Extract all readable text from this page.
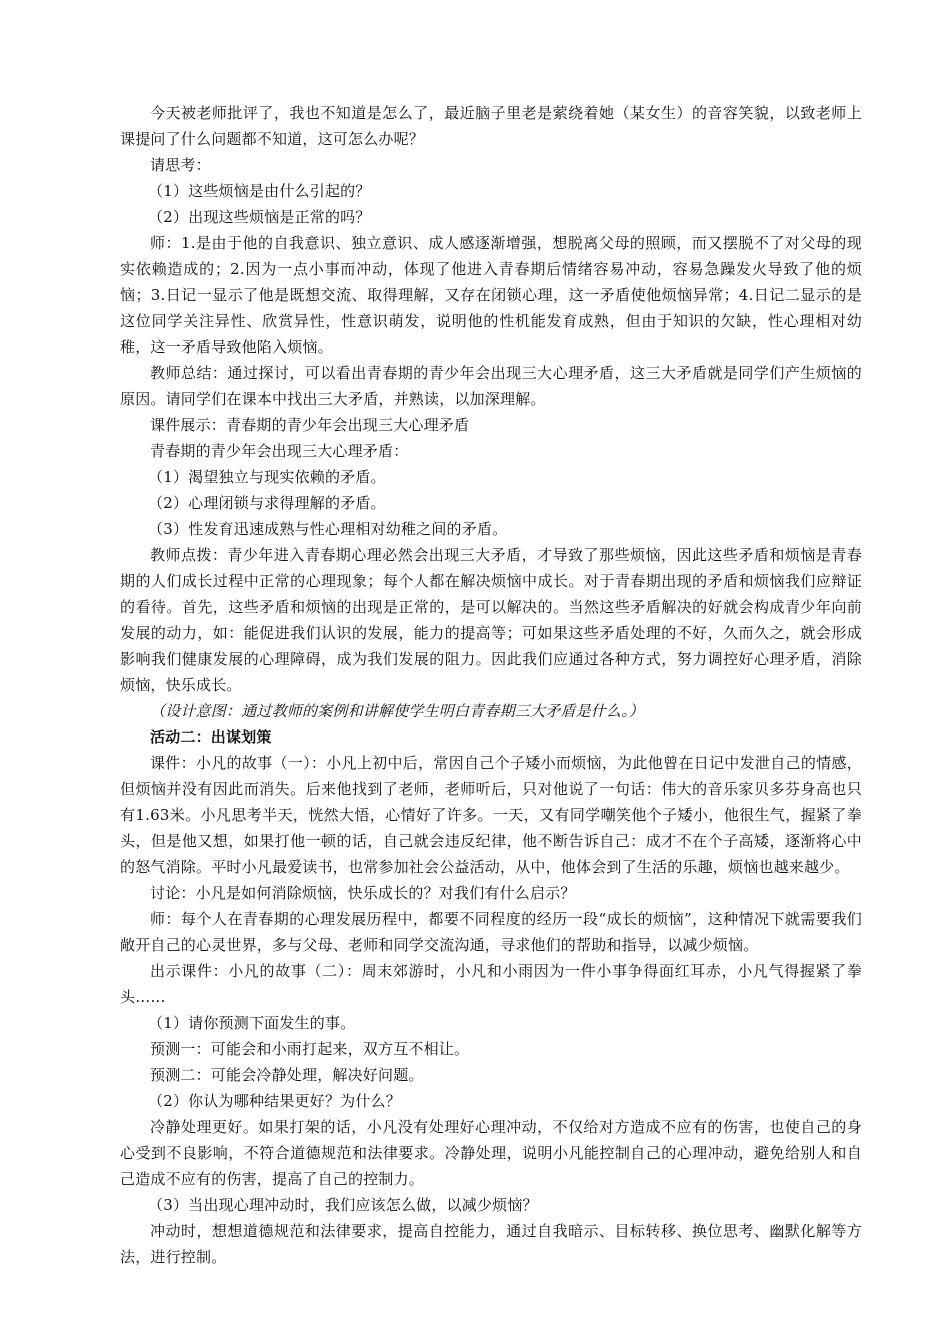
今天被老师批评了，我也不知道是怎么了，最近脑子里老是萦绕着她（某女生）的音容笑貌，以致老师上课提问了什么问题都不知道，这可怎么办呢？

请思考：

（1）这些烦恼是由什么引起的？

（2）出现这些烦恼是正常的吗？

师：1.是由于他的自我意识、独立意识、成人感逐渐增强，想脱离父母的照顾，而又摆脱不了对父母的现实依赖造成的；2.因为一点小事而冲动，体现了他进入青春期后情绪容易冲动，容易急躁发火导致了他的烦恼；3.日记一显示了他是既想交流、取得理解，又存在闭锁心理，这一矛盾使他烦恼异常；4.日记二显示的是这位同学关注异性、欣赏异性，性意识萌发，说明他的性机能发育成熟，但由于知识的欠缺，性心理相对幼稚，这一矛盾导致他陷入烦恼。

教师总结：通过探讨，可以看出青春期的青少年会出现三大心理矛盾，这三大矛盾就是同学们产生烦恼的原因。请同学们在课本中找出三大矛盾，并熟读，以加深理解。

课件展示：青春期的青少年会出现三大心理矛盾

青春期的青少年会出现三大心理矛盾：

（1）渴望独立与现实依赖的矛盾。

（2）心理闭锁与求得理解的矛盾。

（3）性发育迅速成熟与性心理相对幼稚之间的矛盾。

教师点拨：青少年进入青春期心理必然会出现三大矛盾，才导致了那些烦恼，因此这些矛盾和烦恼是青春期的人们成长过程中正常的心理现象；每个人都在解决烦恼中成长。对于青春期出现的矛盾和烦恼我们应辩证的看待。首先，这些矛盾和烦恼的出现是正常的，是可以解决的。当然这些矛盾解决的好就会构成青少年向前发展的动力，如：能促进我们认识的发展，能力的提高等；可如果这些矛盾处理的不好，久而久之，就会形成影响我们健康发展的心理障碍，成为我们发展的阻力。因此我们应通过各种方式，努力调控好心理矛盾，消除烦恼，快乐成长。

（设计意图：通过教师的案例和讲解使学生明白青春期三大矛盾是什么。）

活动二：出谋划策

课件：小凡的故事（一）：小凡上初中后，常因自己个子矮小而烦恼，为此他曾在日记中发泄自己的情感，但烦恼并没有因此而消失。后来他找到了老师，老师听后，只对他说了一句话：伟大的音乐家贝多芬身高也只有1.63米。小凡思考半天，恍然大悟，心情好了许多。一天，又有同学嘲笑他个子矮小，他很生气，握紧了拳头，但是他又想，如果打他一顿的话，自己就会违反纪律，他不断告诉自己：成才不在个子高矮，逐渐将心中的怒气消除。平时小凡最爱读书，也常参加社会公益活动，从中，他体会到了生活的乐趣，烦恼也越来越少。

讨论：小凡是如何消除烦恼，快乐成长的？对我们有什么启示？

师：每个人在青春期的心理发展历程中，都要不同程度的经历一段“成长的烦恼”，这种情况下就需要我们敞开自己的心灵世界，多与父母、老师和同学交流沟通，寻求他们的帮助和指导，以减少烦恼。

出示课件：小凡的故事（二）：周末郊游时，小凡和小雨因为一件小事争得面红耳赤，小凡气得握紧了拳头……

（1）请你预测下面发生的事。

预测一：可能会和小雨打起来，双方互不相让。

预测二：可能会冷静处理，解决好问题。

（2）你认为哪种结果更好？为什么？

冷静处理更好。如果打架的话，小凡没有处理好心理冲动，不仅给对方造成不应有的伤害，也使自己的身心受到不良影响，不符合道德规范和法律要求。冷静处理，说明小凡能控制自己的心理冲动，避免给别人和自己造成不应有的伤害，提高了自己的控制力。

（3）当出现心理冲动时，我们应该怎么做，以减少烦恼？

冲动时，想想道德规范和法律要求，提高自控能力，通过自我暗示、目标转移、换位思考、幽默化解等方法，进行控制。
